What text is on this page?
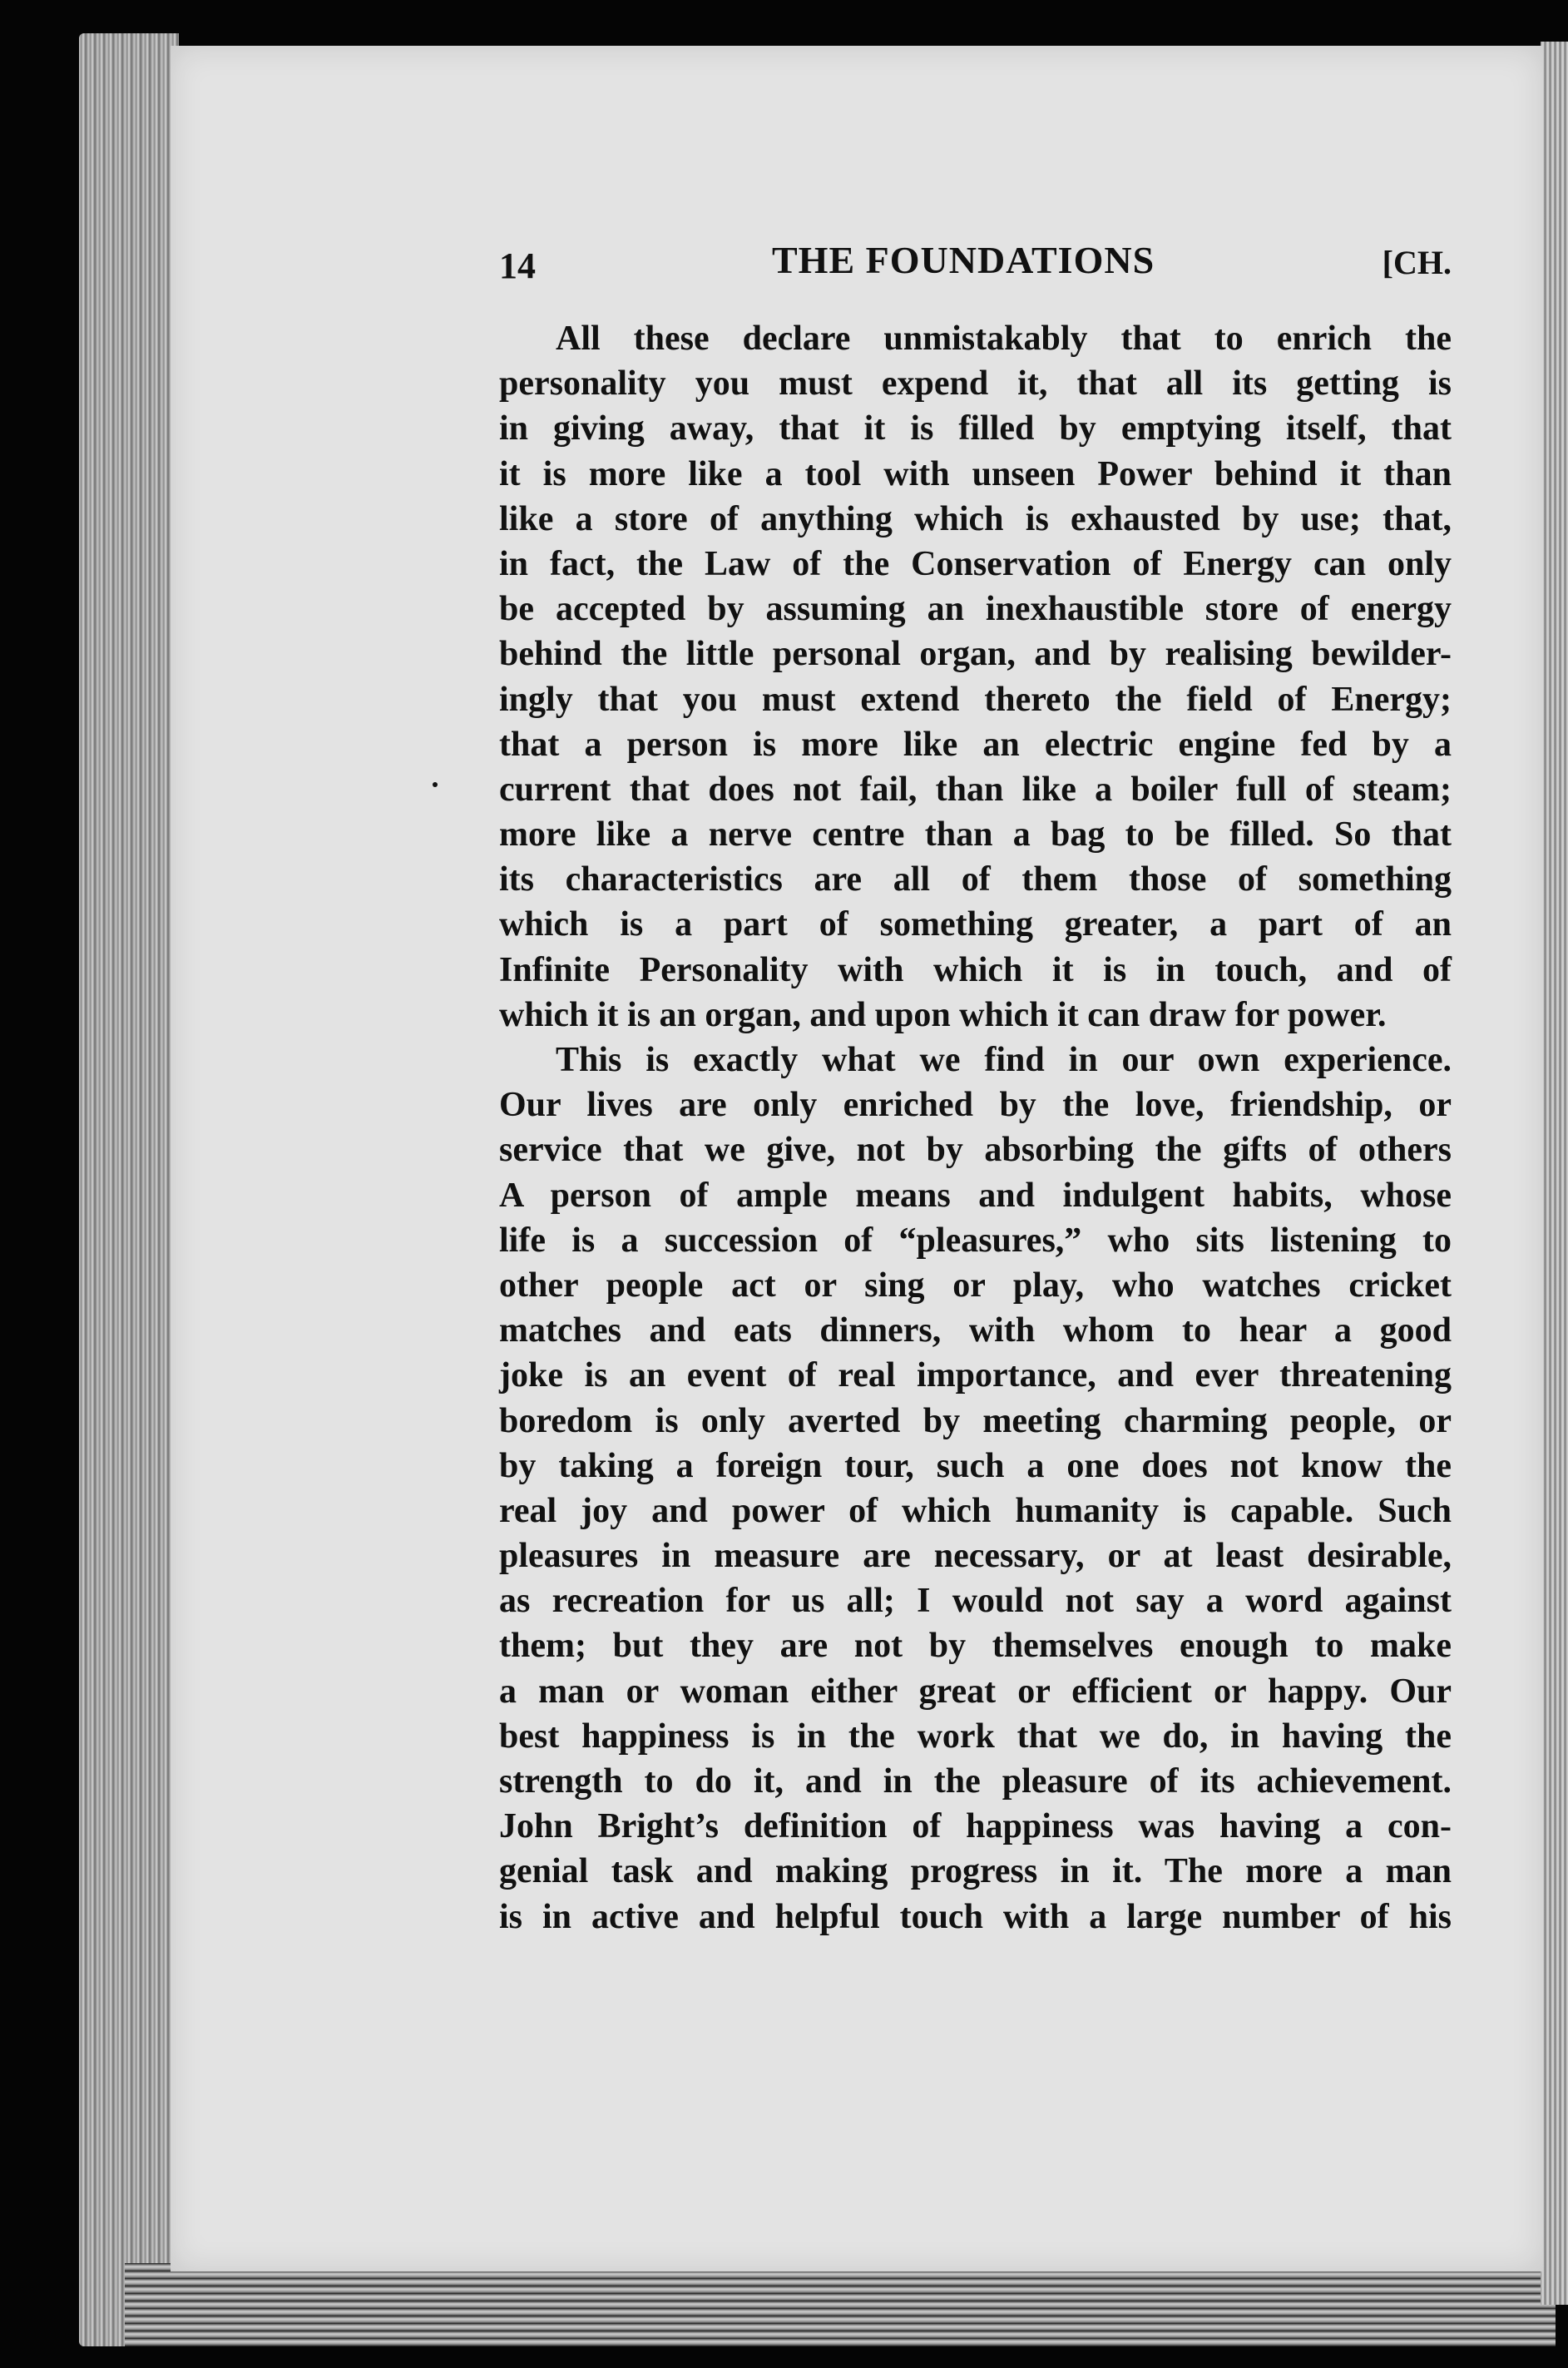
14	THE FOUNDATIONS	[CH.
All these declare unmistakably that to enrich the
personality you must expend it, that all its getting is
in giving away, that it is filled by emptying itself, that
it is more like a tool with unseen Power behind it than
like a store of anything which is exhausted by use; that,
in fact, the Law of the Conservation of Energy can only
be accepted by assuming an inexhaustible store of energy
behind the little personal organ, and by realising bewilder-
ingly that you must extend thereto the field of Energy;
that a person is more like an electric engine fed by a
current that does not fail, than like a boiler full of steam;
more like a nerve centre than a bag to be filled. So that
its characteristics are all of them those of something
which is a part of something greater, a part of an
Infinite Personality with which it is in touch, and of
which it is an organ, and upon which it can draw for power.
This is exactly what we find in our own experience.
Our lives are only enriched by the love, friendship, or
service that we give, not by absorbing the gifts of others
A person of ample means and indulgent habits, whose
life is a succession of “pleasures,” who sits listening to
other people act or sing or play, who watches cricket
matches and eats dinners, with whom to hear a good
joke is an event of real importance, and ever threatening
boredom is only averted by meeting charming people, or
by taking a foreign tour, such a one does not know the
real joy and power of which humanity is capable. Such
pleasures in measure are necessary, or at least desirable,
as recreation for us all; I would not say a word against
them; but they are not by themselves enough to make
a man or woman either great or efficient or happy. Our
best happiness is in the work that we do, in having the
strength to do it, and in the pleasure of its achievement.
John Bright’s definition of happiness was having a con-
genial task and making progress in it. The more a man
is in active and helpful touch with a large number of his
